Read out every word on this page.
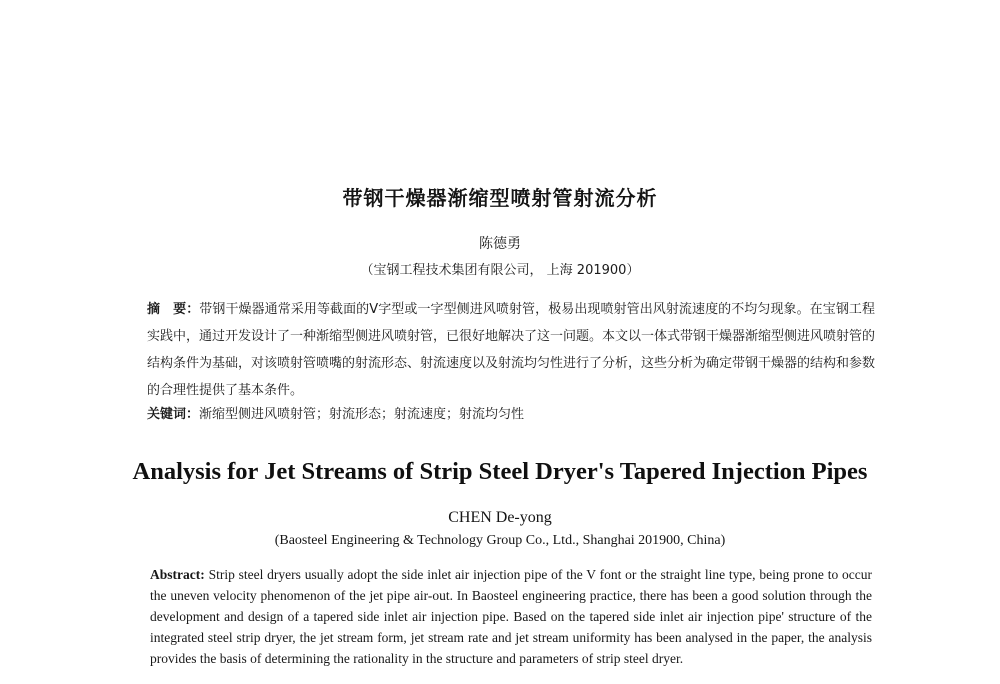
带钢干燥器渐缩型喷射管射流分析
陈德勇
（宝钢工程技术集团有限公司， 上海 201900）
摘　要：带钢干燥器通常采用等截面的V字型或一字型侧进风喷射管，极易出现喷射管出风射流速度的不均匀现象。在宝钢工程实践中，通过开发设计了一种渐缩型侧进风喷射管，已很好地解决了这一问题。本文以一体式带钢干燥器渐缩型侧进风喷射管的结构条件为基础，对该喷射管喷嘴的射流形态、射流速度以及射流均匀性进行了分析，这些分析为确定带钢干燥器的结构和参数的合理性提供了基本条件。
关键词：渐缩型侧进风喷射管；射流形态；射流速度；射流均匀性
Analysis for Jet Streams of Strip Steel Dryer's Tapered Injection Pipes
CHEN De-yong
(Baosteel Engineering & Technology Group Co., Ltd., Shanghai 201900, China)
Abstract: Strip steel dryers usually adopt the side inlet air injection pipe of the V font or the straight line type, being prone to occur the uneven velocity phenomenon of the jet pipe air-out. In Baosteel engineering practice, there has been a good solution through the development and design of a tapered side inlet air injection pipe. Based on the tapered side inlet air injection pipe' structure of the integrated steel strip dryer, the jet stream form, jet stream rate and jet stream uniformity has been analysed in the paper, the analysis provides the basis of determining the rationality in the structure and parameters of strip steel dryer.
